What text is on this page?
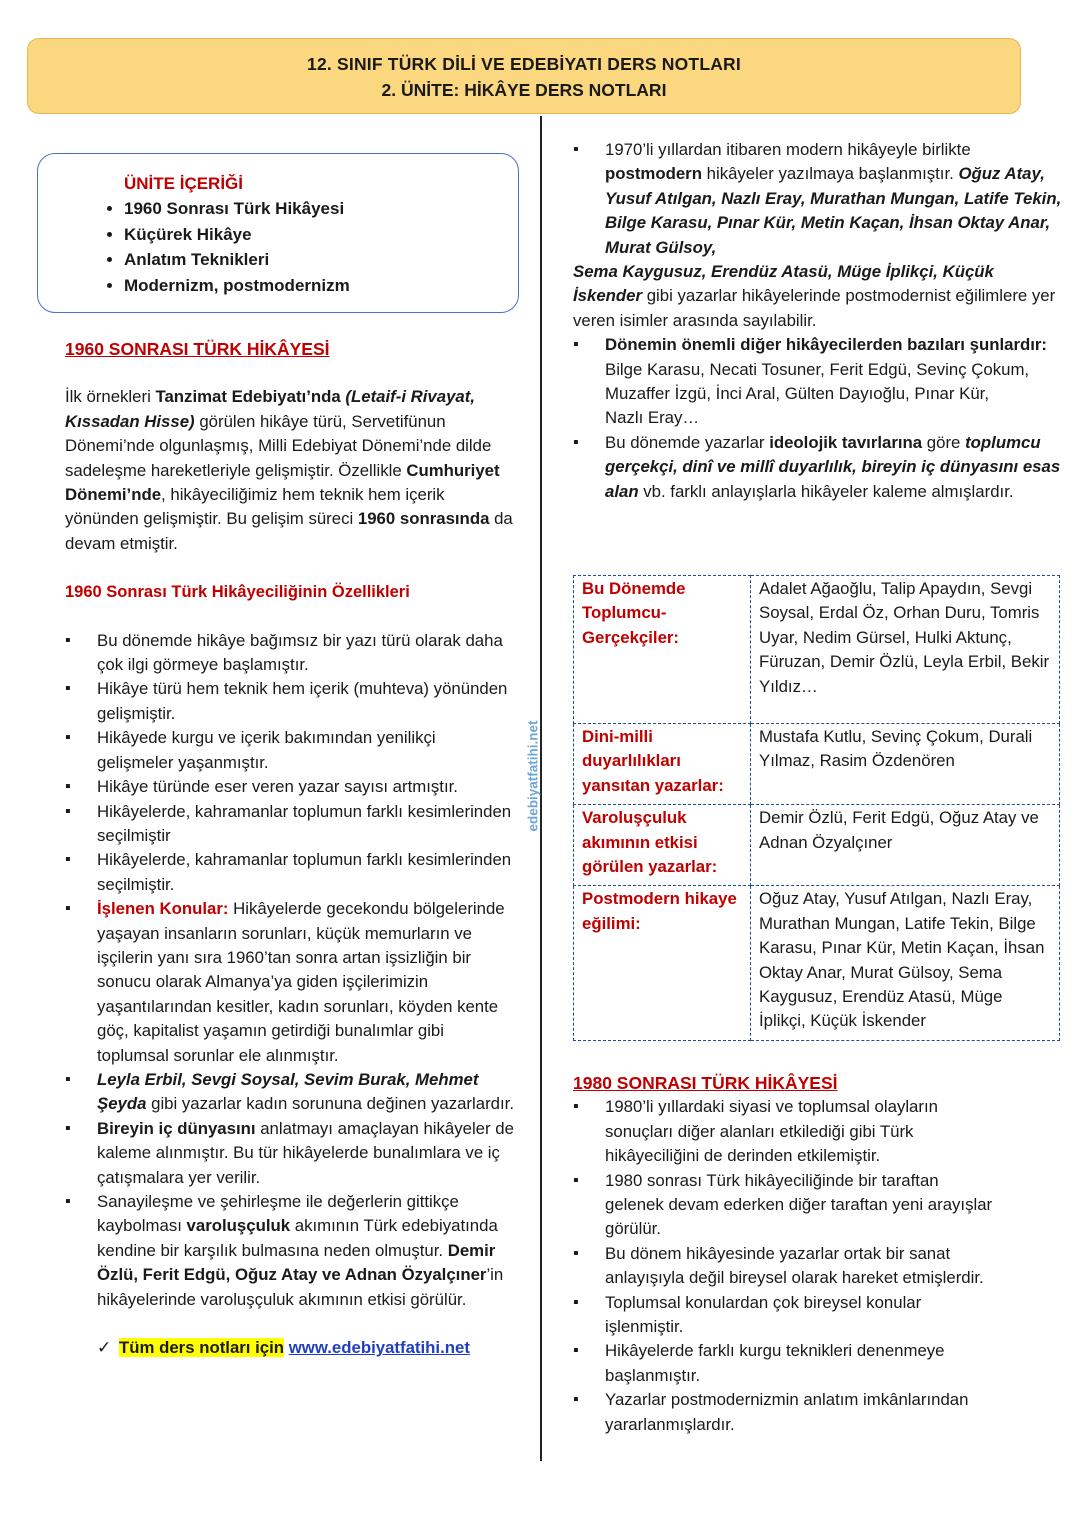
12. SINIF TÜRK DİLİ VE EDEBİYATI DERS NOTLARI
2. ÜNİTE: HİKÂYE DERS NOTLARI
edebiyatfatihi.net
ÜNİTE İÇERİĞİ
• 1960 Sonrası Türk Hikâyesi
• Küçürek Hikâye
• Anlatım Teknikleri
• Modernizm, postmodernizm
1960 SONRASI TÜRK HİKÂYESİ

İlk örnekleri Tanzimat Edebiyatı’nda (Letaif-i Rivayat, Kıssadan Hisse) görülen hikâye türü, Servetifünun Dönemi’nde olgunlaşmış, Milli Edebiyat Dönemi’nde dilde sadeleşme hareketleriyle gelişmiştir. Özellikle Cumhuriyet Dönemi’nde, hikâyeciliğimiz hem teknik hem içerik yönünden gelişmiştir. Bu gelişim süreci 1960 sonrasında da devam etmiştir.

1960 Sonrası Türk Hikâyeciliğinin Özellikleri
▪ Bu dönemde hikâye bağımsız bir yazı türü olarak daha çok ilgi görmeye başlamıştır.
▪ Hikâye türü hem teknik hem içerik (muhteva) yönünden gelişmiştir.
▪ Hikâyede kurgu ve içerik bakımından yenilikçi gelişmeler yaşanmıştır.
▪ Hikâye türünde eser veren yazar sayısı artmıştır.
▪ Hikâyelerde, kahramanlar toplumun farklı kesimlerinden seçilmiştir
▪ Hikâyelerde, kahramanlar toplumun farklı kesimlerinden seçilmiştir.
▪ İşlenen Konular: Hikâyelerde gecekondu bölgelerinde yaşayan insanların sorunları, küçük memurların ve işçilerin yanı sıra 1960’tan sonra artan işsizliğin bir sonucu olarak Almanya’ya giden işçilerimizin yaşantılarından kesitler, kadın sorunları, köyden kente göç, kapitalist yaşamın getirdiği bunalımlar gibi toplumsal sorunlar ele alınmıştır.
▪ Leyla Erbil, Sevgi Soysal, Sevim Burak, Mehmet Şeyda gibi yazarlar kadın sorununa değinen yazarlardır.
▪ Bireyin iç dünyasını anlatmayı amaçlayan hikâyeler de kaleme alınmıştır. Bu tür hikâyelerde bunalımlara ve iç çatışmalara yer verilir.
▪ Sanayileşme ve şehirleşme ile değerlerin gittikçe kaybolması varoluşçuluk akımının Türk edebiyatında kendine bir karşılık bulmasına neden olmuştur. Demir Özlü, Ferit Edgü, Oğuz Atay ve Adnan Özyalçıner’in hikâyelerinde varoluşçuluk akımının etkisi görülür.
✓ Tüm ders notları için www.edebiyatfatihi.net
▪ 1970’li yıllardan itibaren modern hikâyeyle birlikte postmodern hikâyeler yazılmaya başlanmıştır. Oğuz Atay, Yusuf Atılgan, Nazlı Eray, Murathan Mungan, Latife Tekin, Bilge Karasu, Pınar Kür, Metin Kaçan, İhsan Oktay Anar, Murat Gülsoy,

Sema Kaygusuz, Erendüz Atasü, Müge İplikçi, Küçük İskender gibi yazarlar hikâyelerinde postmodernist eğilimlere yer veren isimler arasında sayılabilir.

▪ Dönemin önemli diğer hikâyecilerden bazıları şunlardır: Bilge Karasu, Necati Tosuner, Ferit Edgü, Sevinç Çokum, Muzaffer İzgü, İnci Aral, Gülten Dayıoğlu, Pınar Kür,
Nazlı Eray…
▪ Bu dönemde yazarlar ideolojik tavırlarına göre toplumcu gerçekçi, dinî ve millî duyarlılık, bireyin iç dünyasını esas alan vb. farklı anlayışlarla hikâyeler kaleme almışlardır.
Bu Dönemde Toplumcu-Gerçekçiler:	Adalet Ağaoğlu, Talip Apaydın, Sevgi Soysal, Erdal Öz, Orhan Duru, Tomris Uyar, Nedim Gürsel, Hulki Aktunç, Füruzan, Demir Özlü, Leyla Erbil, Bekir Yıldız…
Dini-milli duyarlılıkları yansıtan yazarlar:	Mustafa Kutlu, Sevinç Çokum, Durali Yılmaz, Rasim Özdenören
Varoluşçuluk akımının etkisi görülen yazarlar:	Demir Özlü, Ferit Edgü, Oğuz Atay ve Adnan Özyalçıner
Postmodern hikaye eğilimi:	Oğuz Atay, Yusuf Atılgan, Nazlı Eray, Murathan Mungan, Latife Tekin, Bilge Karasu, Pınar Kür, Metin Kaçan, İhsan Oktay Anar, Murat Gülsoy, Sema Kaygusuz, Erendüz Atasü, Müge İplikçi, Küçük İskender
1980 SONRASI TÜRK HİKÂYESİ
▪ 1980’li yıllardaki siyasi ve toplumsal olayların sonuçları diğer alanları etkilediği gibi Türk hikâyeciliğini de derinden etkilemiştir.
▪ 1980 sonrası Türk hikâyeciliğinde bir taraftan gelenek devam ederken diğer taraftan yeni arayışlar görülür.
▪ Bu dönem hikâyesinde yazarlar ortak bir sanat anlayışıyla değil bireysel olarak hareket etmişlerdir.
▪ Toplumsal konulardan çok bireysel konular işlenmiştir.
▪ Hikâyelerde farklı kurgu teknikleri denenmeye başlanmıştır.
▪ Yazarlar postmodernizmin anlatım imkânlarından yararlanmışlardır.
